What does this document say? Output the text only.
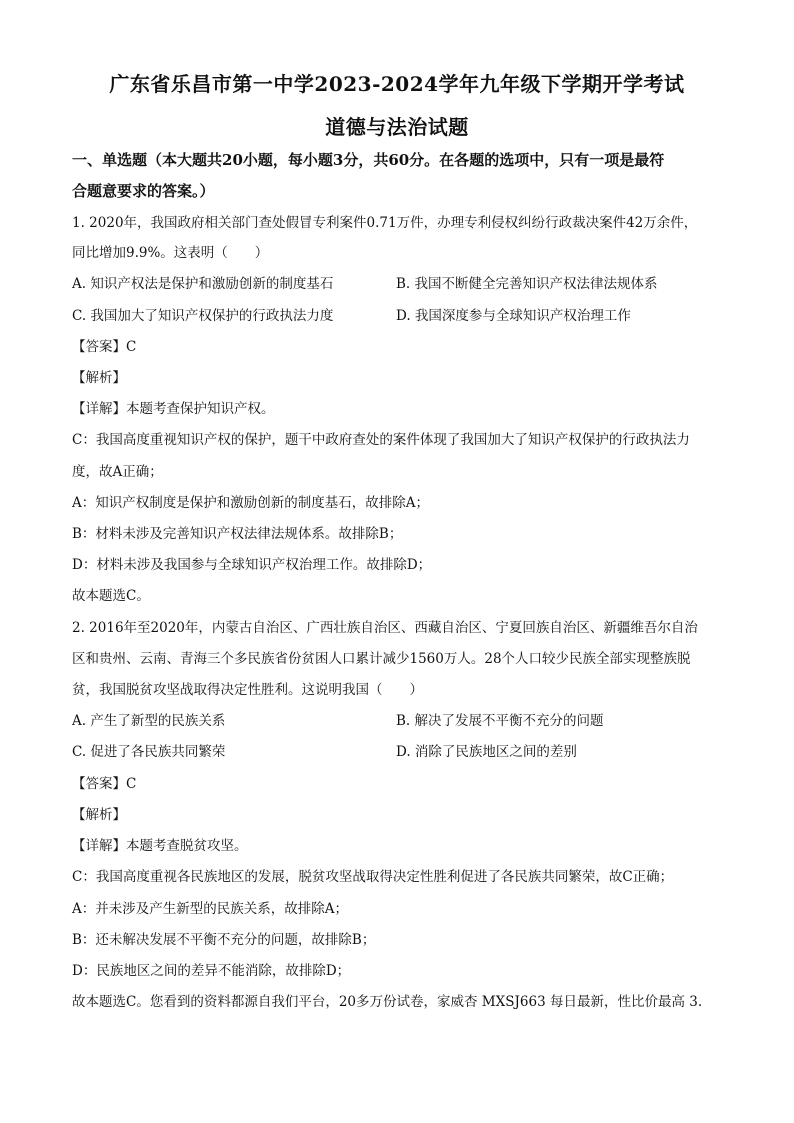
广东省乐昌市第一中学2023-2024学年九年级下学期开学考试
道德与法治试题
一、单选题（本大题共20小题，每小题3分，共60分。在各题的选项中，只有一项是最符
合题意要求的答案。）
1. 2020年，我国政府相关部门查处假冒专利案件0.71万件，办理专利侵权纠纷行政裁决案件42万余件，
同比增加9.9%。这表明（　　）
A. 知识产权法是保护和激励创新的制度基石	B. 我国不断健全完善知识产权法律法规体系
C. 我国加大了知识产权保护的行政执法力度	D. 我国深度参与全球知识产权治理工作
【答案】C
【解析】
【详解】本题考查保护知识产权。
C：我国高度重视知识产权的保护，题干中政府查处的案件体现了我国加大了知识产权保护的行政执法力
度，故A正确；
A：知识产权制度是保护和激励创新的制度基石，故排除A；
B：材料未涉及完善知识产权法律法规体系。故排除B；
D：材料未涉及我国参与全球知识产权治理工作。故排除D；
故本题选C。
2. 2016年至2020年，内蒙古自治区、广西壮族自治区、西藏自治区、宁夏回族自治区、新疆维吾尔自治
区和贵州、云南、青海三个多民族省份贫困人口累计减少1560万人。28个人口较少民族全部实现整族脱
贫，我国脱贫攻坚战取得决定性胜利。这说明我国（　　）
A. 产生了新型的民族关系	B. 解决了发展不平衡不充分的问题
C. 促进了各民族共同繁荣	D. 消除了民族地区之间的差别
【答案】C
【解析】
【详解】本题考查脱贫攻坚。
C：我国高度重视各民族地区的发展，脱贫攻坚战取得决定性胜利促进了各民族共同繁荣，故C正确；
A：并未涉及产生新型的民族关系，故排除A；
B：还未解决发展不平衡不充分的问题，故排除B；
D：民族地区之间的差异不能消除，故排除D；
故本题选C。您看到的资料都源自我们平台，20多万份试卷，家威杏 MXSJ663 每日最新，性比价最高 3.
